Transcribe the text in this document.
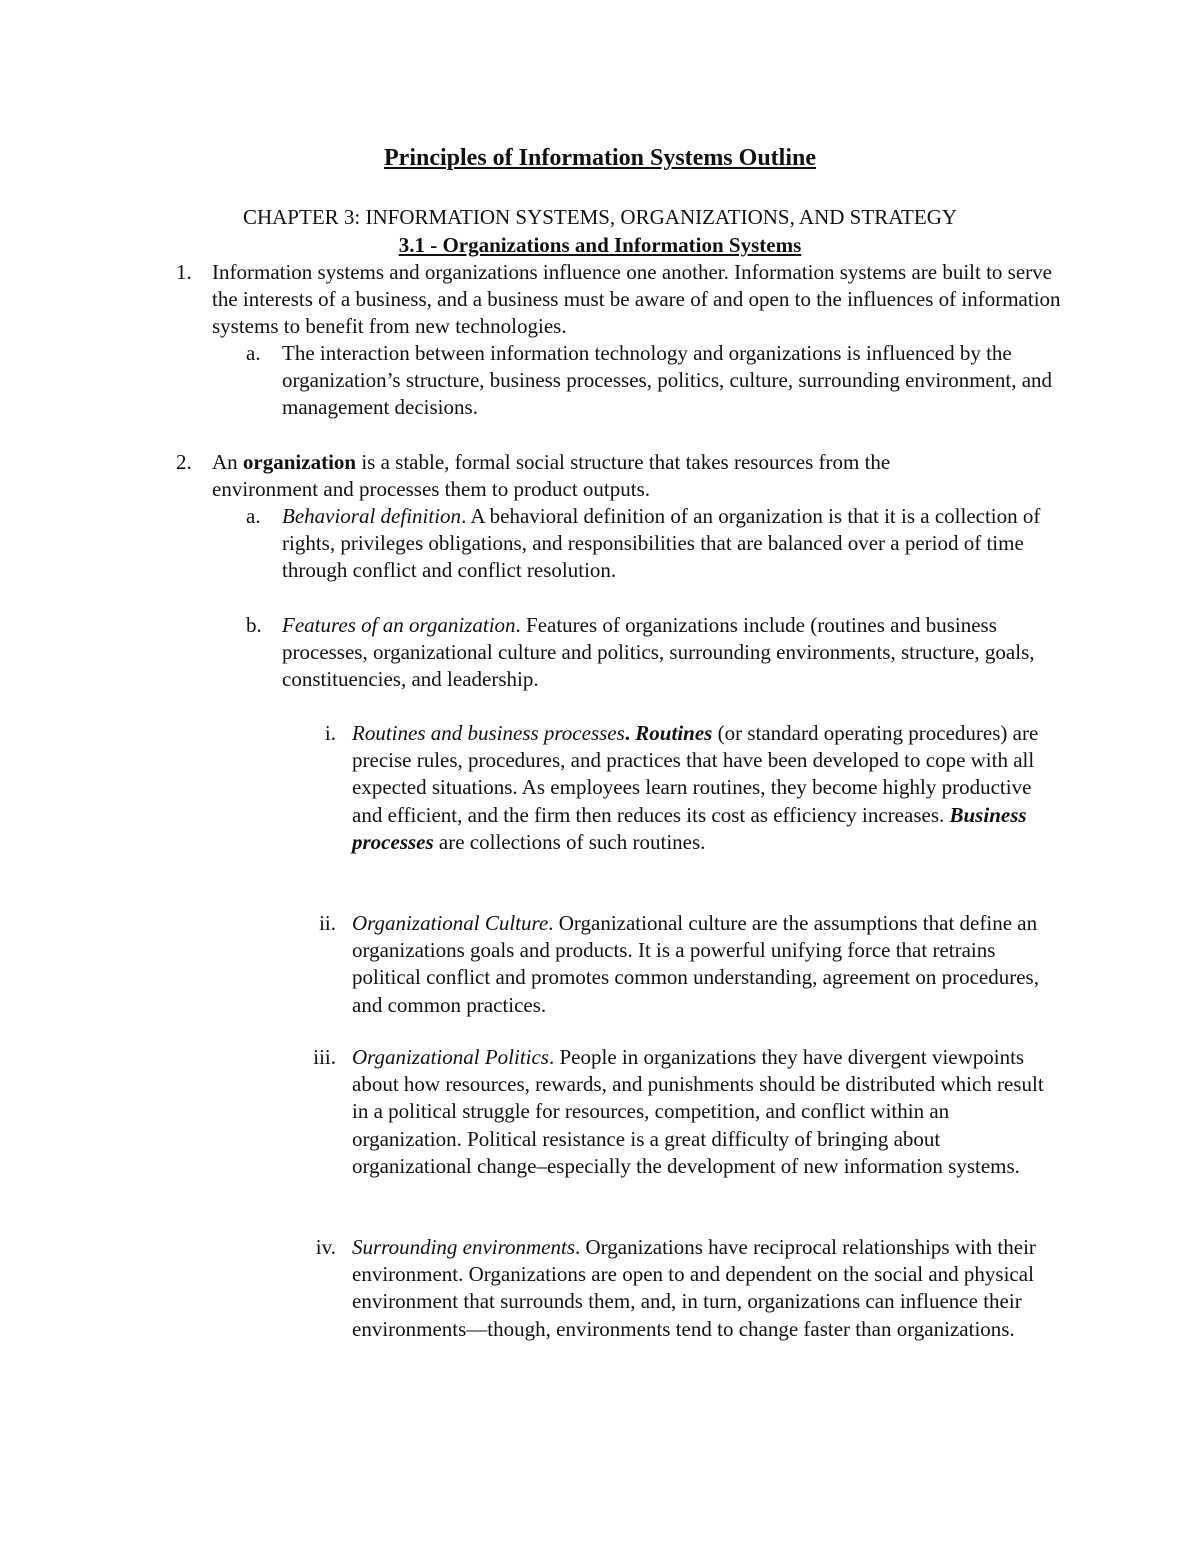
Principles of Information Systems Outline
CHAPTER 3: INFORMATION SYSTEMS, ORGANIZATIONS, AND STRATEGY
3.1 - Organizations and Information Systems
1. Information systems and organizations influence one another. Information systems are built to serve the interests of a business, and a business must be aware of and open to the influences of information systems to benefit from new technologies.

a. The interaction between information technology and organizations is influenced by the organization’s structure, business processes, politics, culture, surrounding environment, and management decisions.

2. An organization is a stable, formal social structure that takes resources from the environment and processes them to product outputs.

a. Behavioral definition. A behavioral definition of an organization is that it is a collection of rights, privileges obligations, and responsibilities that are balanced over a period of time through conflict and conflict resolution.

b. Features of an organization. Features of organizations include (routines and business processes, organizational culture and politics, surrounding environments, structure, goals, constituencies, and leadership.

i. Routines and business processes. Routines (or standard operating procedures) are precise rules, procedures, and practices that have been developed to cope with all expected situations. As employees learn routines, they become highly productive and efficient, and the firm then reduces its cost as efficiency increases. Business processes are collections of such routines.

ii. Organizational Culture. Organizational culture are the assumptions that define an organizations goals and products. It is a powerful unifying force that retrains political conflict and promotes common understanding, agreement on procedures, and common practices.

iii. Organizational Politics. People in organizations they have divergent viewpoints about how resources, rewards, and punishments should be distributed which result in a political struggle for resources, competition, and conflict within an organization. Political resistance is a great difficulty of bringing about organizational change–especially the development of new information systems.

iv. Surrounding environments. Organizations have reciprocal relationships with their environment. Organizations are open to and dependent on the social and physical environment that surrounds them, and, in turn, organizations can influence their environments—though, environments tend to change faster than organizations.
